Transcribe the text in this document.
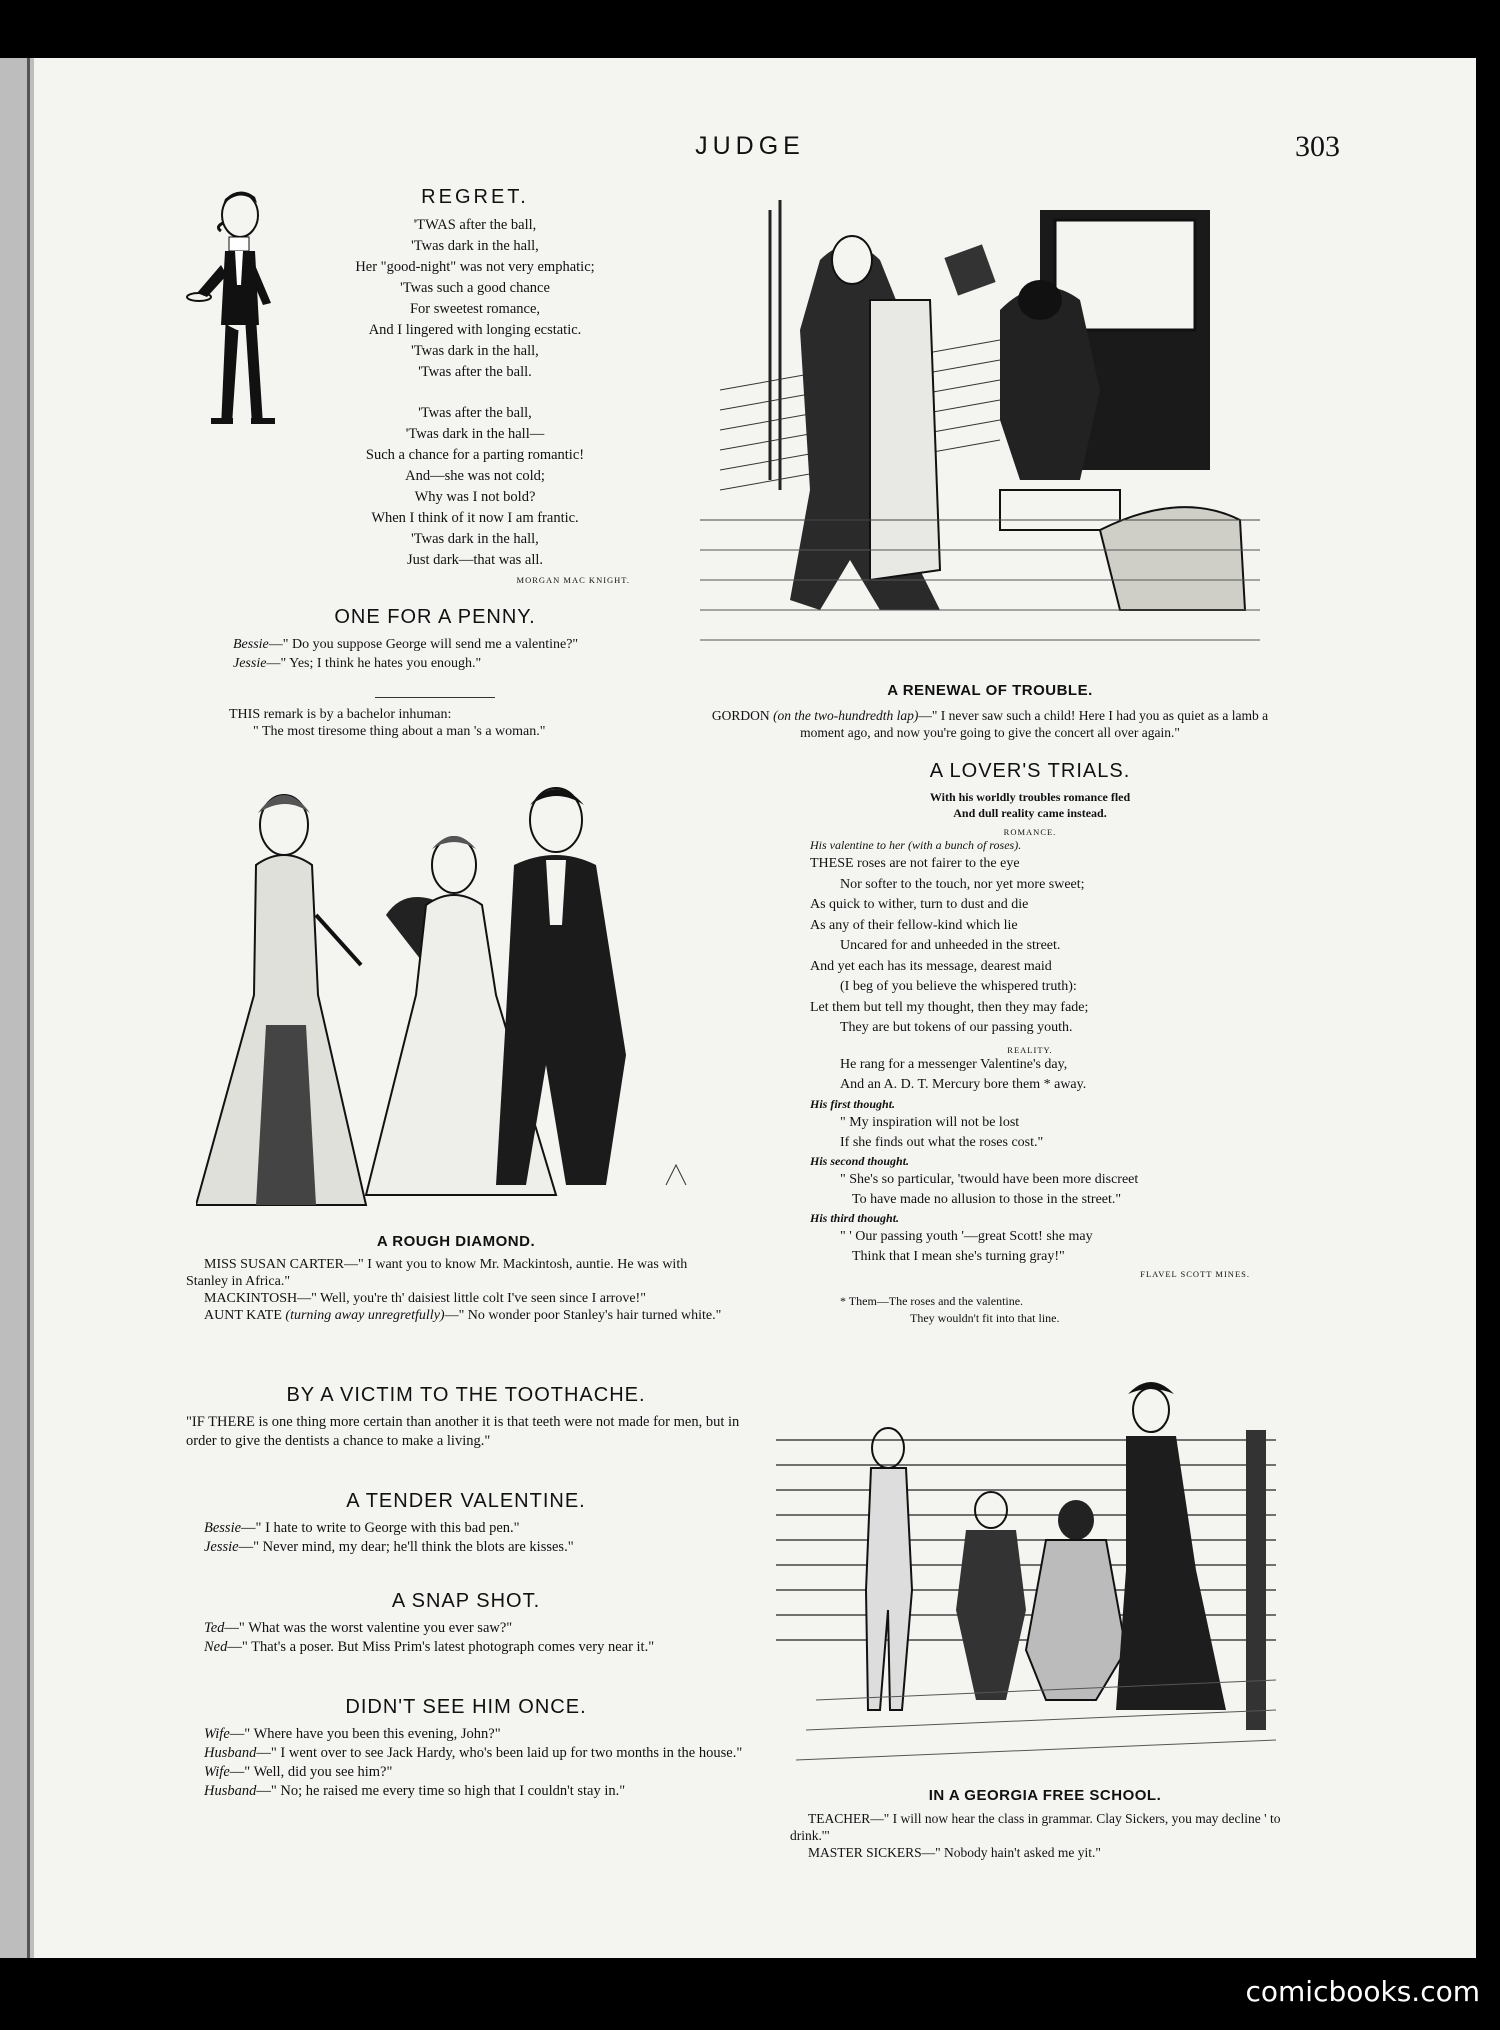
JUDGE	303
REGRET.
'TWAS after the ball,
'Twas dark in the hall,
Her "good-night" was not very emphatic;
'Twas such a good chance
For sweetest romance,
And I lingered with longing ecstatic.
'Twas dark in the hall,
'Twas after the ball.
'Twas after the ball,
'Twas dark in the hall—
Such a chance for a parting romantic!
And—she was not cold;
Why was I not bold?
When I think of it now I am frantic.
'Twas dark in the hall,
Just dark—that was all.
MORGAN MAC KNIGHT.
ONE FOR A PENNY.
Bessie—" Do you suppose George will send me a valentine?"
Jessie—" Yes; I think he hates you enough."
THIS remark is by a bachelor inhuman:
" The most tiresome thing about a man 's a woman."
A RENEWAL OF TROUBLE.
GORDON (on the two-hundredth lap)—" I never saw such a child! Here I had you as quiet as a lamb a moment ago, and now you're going to give the concert all over again."
A ROUGH DIAMOND.
MISS SUSAN CARTER—" I want you to know Mr. Mackintosh, auntie. He was with Stanley in Africa."
MACKINTOSH—" Well, you're th' daisiest little colt I've seen since I arrove!"
AUNT KATE (turning away unregretfully)—" No wonder poor Stanley's hair turned white."
BY A VICTIM TO THE TOOTHACHE.
"IF THERE is one thing more certain than another it is that teeth were not made for men, but in order to give the dentists a chance to make a living."
A TENDER VALENTINE.
Bessie—" I hate to write to George with this bad pen."
Jessie—" Never mind, my dear; he'll think the blots are kisses."
A SNAP SHOT.
Ted—" What was the worst valentine you ever saw?"
Ned—" That's a poser. But Miss Prim's latest photograph comes very near it."
DIDN'T SEE HIM ONCE.
Wife—" Where have you been this evening, John?"
Husband—" I went over to see Jack Hardy, who's been laid up for two months in the house."
Wife—" Well, did you see him?"
Husband—" No; he raised me every time so high that I couldn't stay in."
A LOVER'S TRIALS.
With his worldly troubles romance fled
And dull reality came instead.
ROMANCE.
His valentine to her (with a bunch of roses).
THESE roses are not fairer to the eye
Nor softer to the touch, nor yet more sweet;
As quick to wither, turn to dust and die
As any of their fellow-kind which lie
Uncared for and unheeded in the street.
And yet each has its message, dearest maid
(I beg of you believe the whispered truth):
Let them but tell my thought, then they may fade;
They are but tokens of our passing youth.
REALITY.
He rang for a messenger Valentine's day,
And an A. D. T. Mercury bore them * away.
His first thought.
" My inspiration will not be lost
If she finds out what the roses cost."
His second thought.
" She's so particular, 'twould have been more discreet
To have made no allusion to those in the street."
His third thought.
" ' Our passing youth '—great Scott! she may
Think that I mean she's turning gray!"
FLAVEL SCOTT MINES.
* Them—The roses and the valentine.
They wouldn't fit into that line.
IN A GEORGIA FREE SCHOOL.
TEACHER—" I will now hear the class in grammar. Clay Sickers, you may decline ' to drink.'"
MASTER SICKERS—" Nobody hain't asked me yit."
comicbooks.com
